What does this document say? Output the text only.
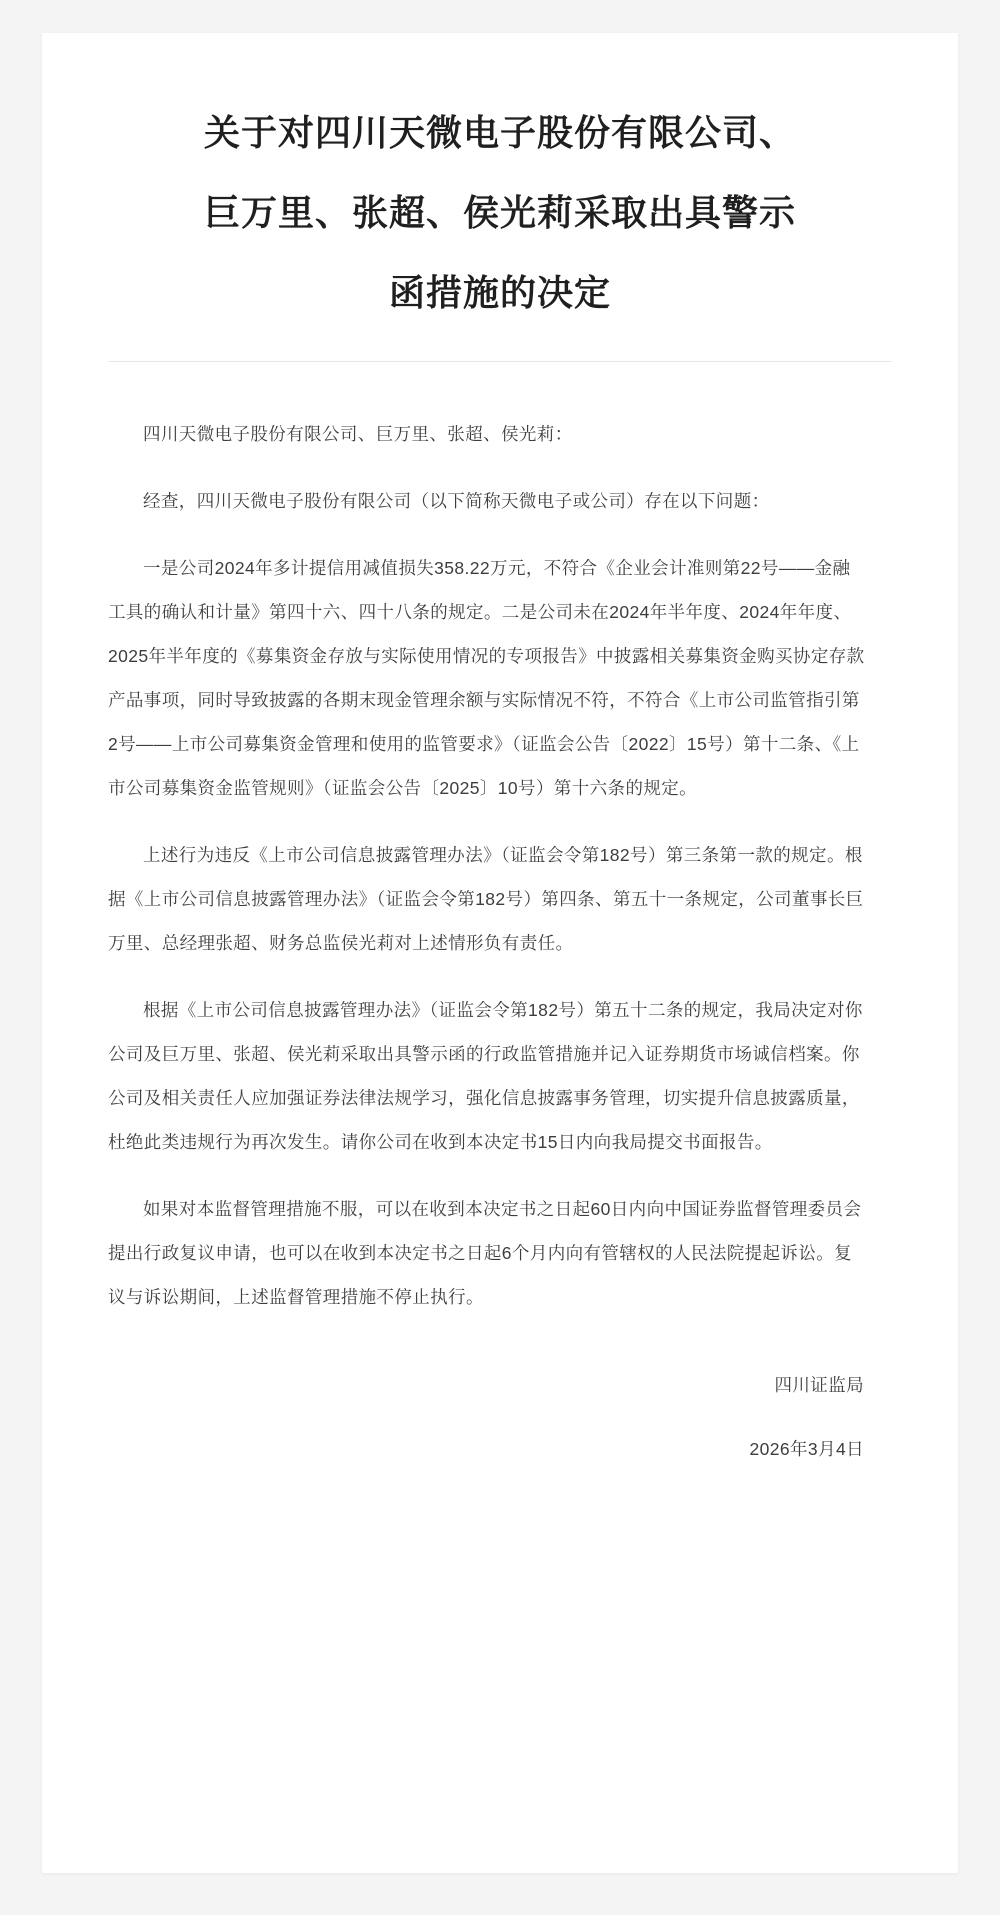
关于对四川天微电子股份有限公司、巨万里、张超、侯光莉采取出具警示函措施的决定

四川天微电子股份有限公司、巨万里、张超、侯光莉：

经查，四川天微电子股份有限公司（以下简称天微电子或公司）存在以下问题：

一是公司2024年多计提信用减值损失358.22万元，不符合《企业会计准则第22号——金融工具的确认和计量》第四十六、四十八条的规定。二是公司未在2024年半年度、2024年年度、2025年半年度的《募集资金存放与实际使用情况的专项报告》中披露相关募集资金购买协定存款产品事项，同时导致披露的各期末现金管理余额与实际情况不符，不符合《上市公司监管指引第2号——上市公司募集资金管理和使用的监管要求》（证监会公告〔2022〕15号）第十二条、《上市公司募集资金监管规则》（证监会公告〔2025〕10号）第十六条的规定。

上述行为违反《上市公司信息披露管理办法》（证监会令第182号）第三条第一款的规定。根据《上市公司信息披露管理办法》（证监会令第182号）第四条、第五十一条规定，公司董事长巨万里、总经理张超、财务总监侯光莉对上述情形负有责任。

根据《上市公司信息披露管理办法》（证监会令第182号）第五十二条的规定，我局决定对你公司及巨万里、张超、侯光莉采取出具警示函的行政监管措施并记入证券期货市场诚信档案。你公司及相关责任人应加强证券法律法规学习，强化信息披露事务管理，切实提升信息披露质量，杜绝此类违规行为再次发生。请你公司在收到本决定书15日内向我局提交书面报告。

如果对本监督管理措施不服，可以在收到本决定书之日起60日内向中国证券监督管理委员会提出行政复议申请，也可以在收到本决定书之日起6个月内向有管辖权的人民法院提起诉讼。复议与诉讼期间，上述监督管理措施不停止执行。

四川证监局

2026年3月4日
